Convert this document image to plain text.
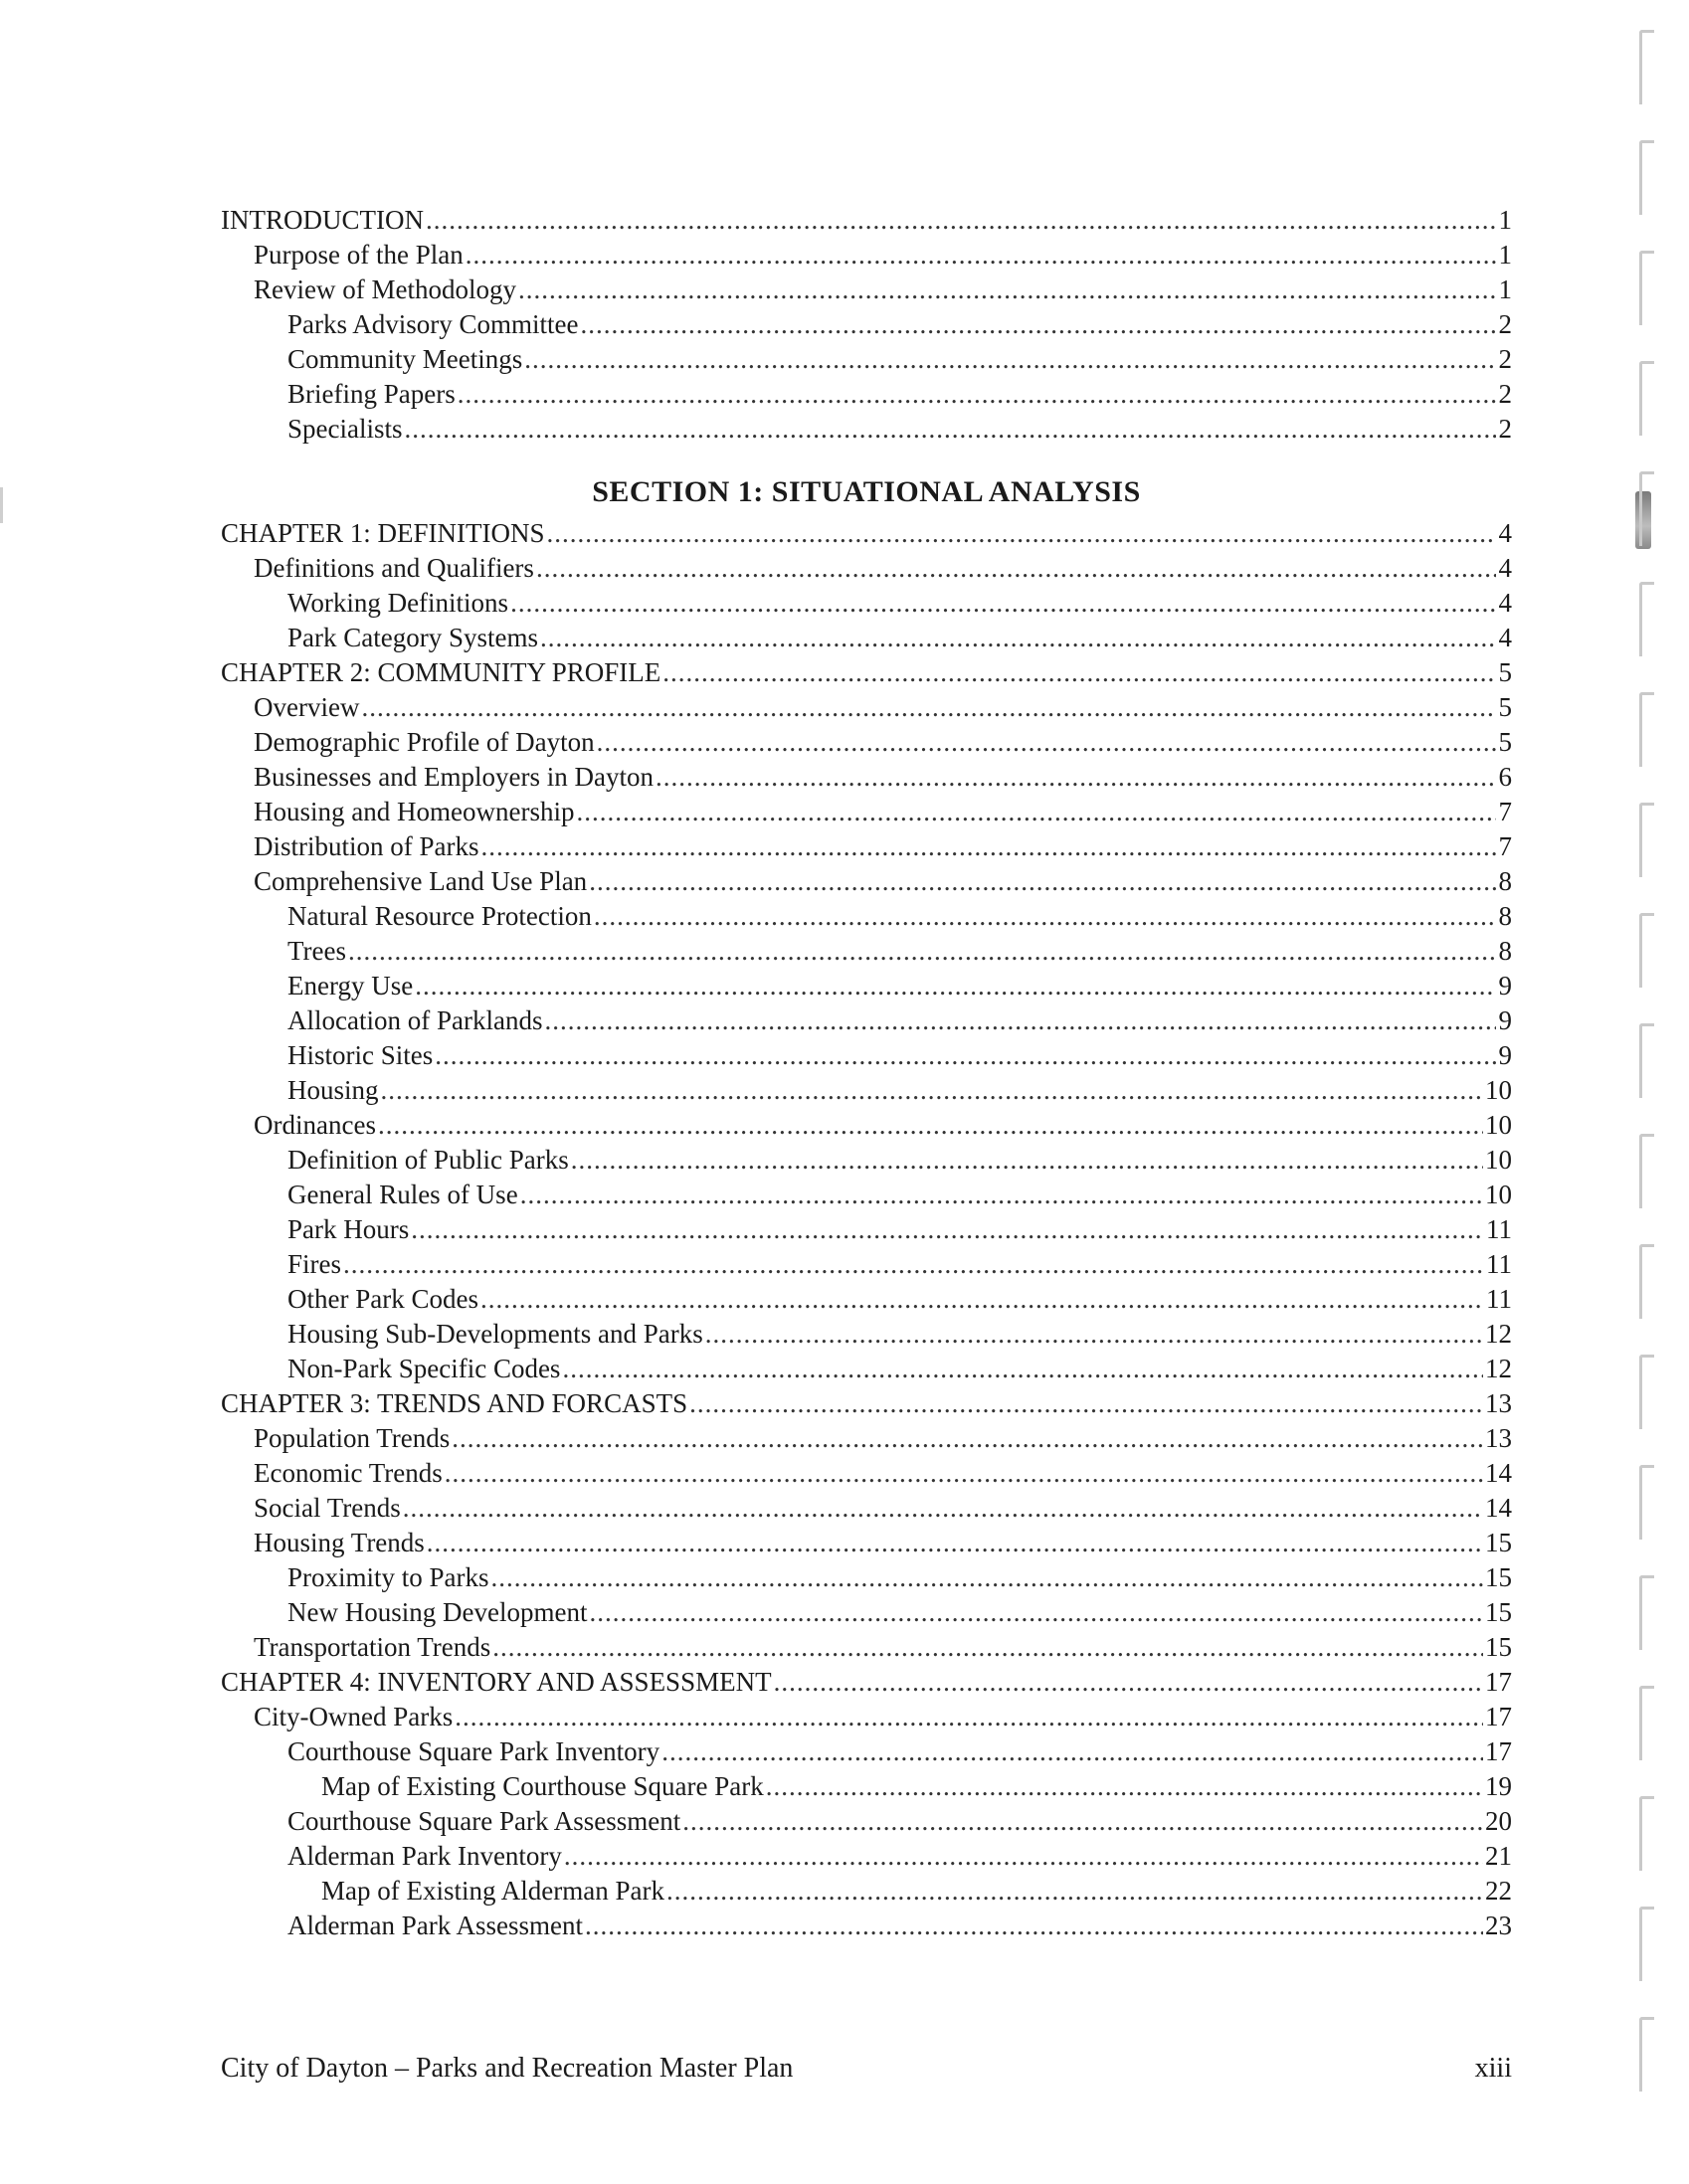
INTRODUCTION .....	1
Purpose of the Plan .....	1
Review of Methodology .....	1
Parks Advisory Committee .....	2
Community Meetings .....	2
Briefing Papers .....	2
Specialists .....	2
SECTION 1: SITUATIONAL ANALYSIS
CHAPTER 1: DEFINITIONS .....	4
Definitions and Qualifiers .....	4
Working Definitions .....	4
Park Category Systems .....	4
CHAPTER 2: COMMUNITY PROFILE .....	5
Overview .....	5
Demographic Profile of Dayton .....	5
Businesses and Employers in Dayton .....	6
Housing and Homeownership .....	7
Distribution of Parks .....	7
Comprehensive Land Use Plan .....	8
Natural Resource Protection .....	8
Trees .....	8
Energy Use .....	9
Allocation of Parklands .....	9
Historic Sites .....	9
Housing .....	10
Ordinances .....	10
Definition of Public Parks .....	10
General Rules of Use .....	10
Park Hours .....	11
Fires .....	11
Other Park Codes .....	11
Housing Sub-Developments and Parks .....	12
Non-Park Specific Codes .....	12
CHAPTER 3: TRENDS AND FORCASTS .....	13
Population Trends .....	13
Economic Trends .....	14
Social Trends .....	14
Housing Trends .....	15
Proximity to Parks .....	15
New Housing Development .....	15
Transportation Trends .....	15
CHAPTER 4: INVENTORY AND ASSESSMENT .....	17
City-Owned Parks .....	17
Courthouse Square Park Inventory .....	17
Map of Existing Courthouse Square Park .....	19
Courthouse Square Park Assessment .....	20
Alderman Park Inventory .....	21
Map of Existing Alderman Park .....	22
Alderman Park Assessment .....	23
City of Dayton – Parks and Recreation Master Plan	xiii
